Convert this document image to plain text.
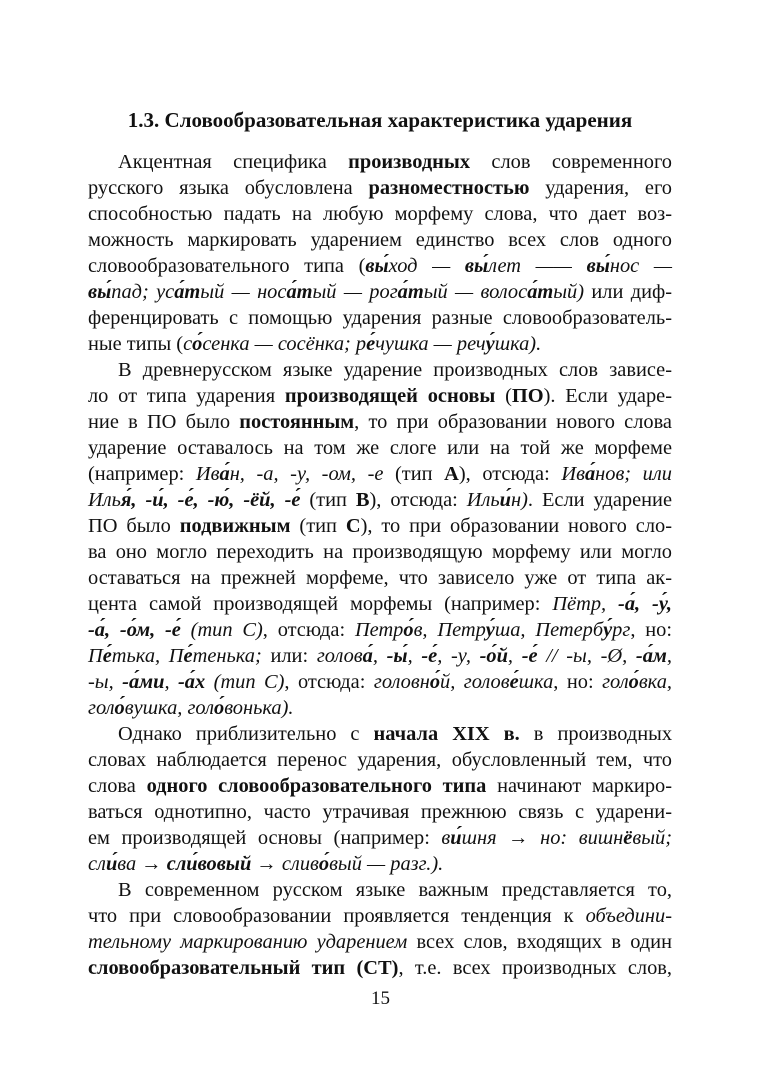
1.3. Словообразовательная характеристика ударения
Акцентная специфика производных слов современного
русского языка обусловлена разноместностью ударения, его
способностью падать на любую морфему слова, что дает воз-
можность маркировать ударением единство всех слов одного
словообразовательного типа (вы́ход — вы́лет —— вы́нос —
вы́пад; уса́тый — носа́тый — рога́тый — волоса́тый) или диф-
ференцировать с помощью ударения разные словообразователь-
ные типы (со́сенка — сосёнка; ре́чушка — речу́шка).
В древнерусском языке ударение производных слов зависе-
ло от типа ударения производящей основы (ПО). Если ударе-
ние в ПО было постоянным, то при образовании нового слова
ударение оставалось на том же слоге или на той же морфеме
(например: Ива́н, -а, -у, -ом, -е (тип А), отсюда: Ива́нов; или
Илья́, -и́, -е́, -ю́, -ёй, -е́ (тип В), отсюда: Ильи́н). Если ударение
ПО было подвижным (тип С), то при образовании нового сло-
ва оно могло переходить на производящую морфему или могло
оставаться на прежней морфеме, что зависело уже от типа ак-
цента самой производящей морфемы (например: Пётр, -а́, -у́,
-а́, -о́м, -е́ (тип С), отсюда: Петро́в, Петру́ша, Петербу́рг, но:
Пе́тька, Пе́тенька; или: голова́, -ы́, -е́, -у, -о́й, -е́ // -ы, -Ø, -а́м,
-ы, -а́ми, -а́х (тип С), отсюда: головно́й, голове́шка, но: голо́вка,
голо́вушка, голо́вонька).
Однако приблизительно с начала XIX в. в производных
словах наблюдается перенос ударения, обусловленный тем, что
слова одного словообразовательного типа начинают маркиро-
ваться однотипно, часто утрачивая прежнюю связь с ударени-
ем производящей основы (например: ви́шня → но: вишнёвый;
сли́ва → сли́вовый → сливо́вый — разг.).
В современном русском языке важным представляется то,
что при словообразовании проявляется тенденция к объедини-
тельному маркированию ударением всех слов, входящих в один
словообразовательный тип (СТ), т.е. всех производных слов,
15
